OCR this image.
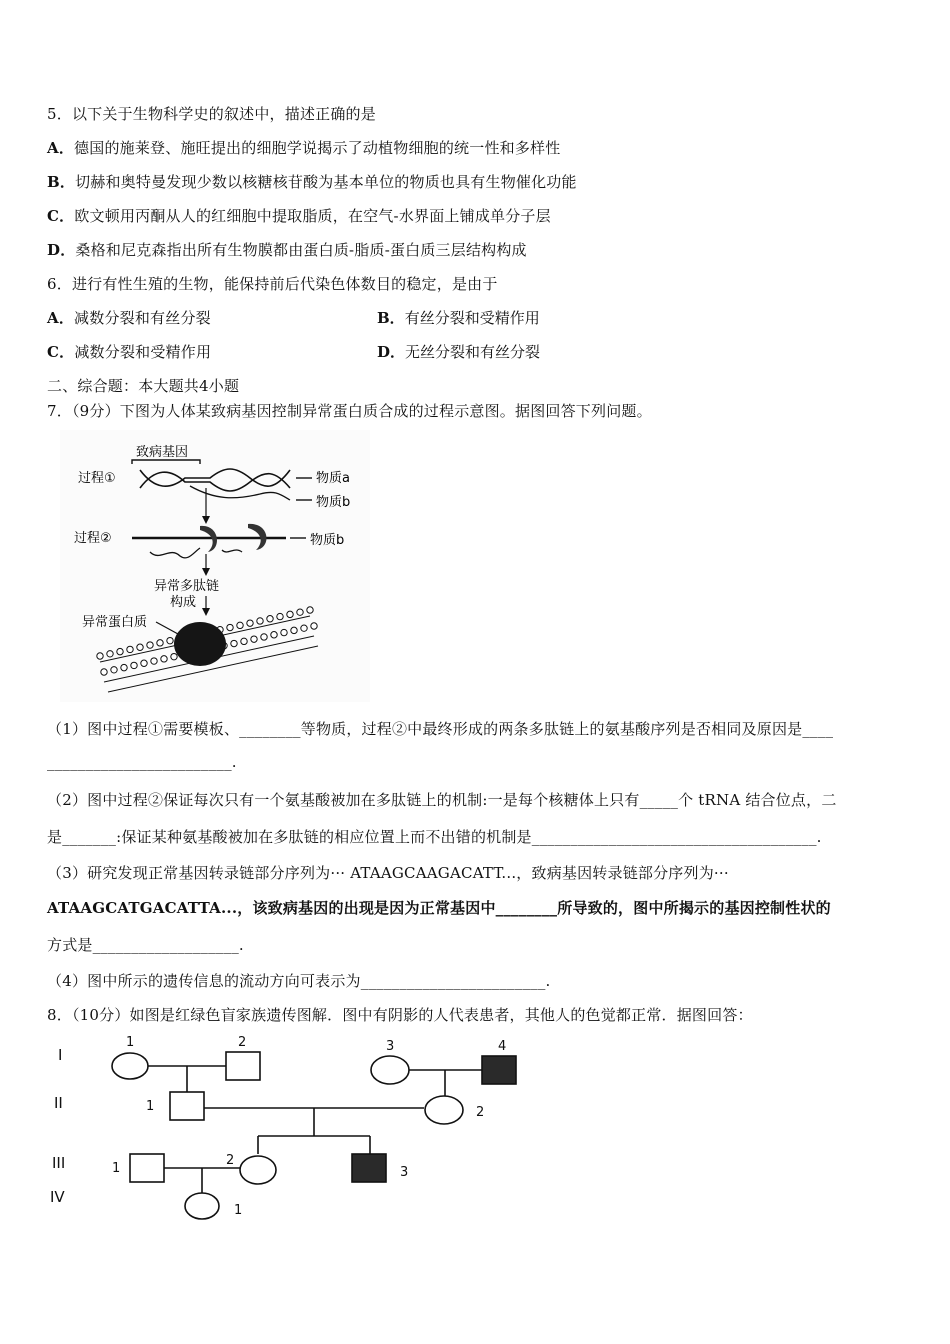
5．以下关于生物科学史的叙述中，描述正确的是
A．德国的施莱登、施旺提出的细胞学说揭示了动植物细胞的统一性和多样性
B．切赫和奥特曼发现少数以核糖核苷酸为基本单位的物质也具有生物催化功能
C．欧文顿用丙酮从人的红细胞中提取脂质，在空气-水界面上铺成单分子层
D．桑格和尼克森指出所有生物膜都由蛋白质-脂质-蛋白质三层结构构成
6．进行有性生殖的生物，能保持前后代染色体数目的稳定，是由于
A．减数分裂和有丝分裂	B．有丝分裂和受精作用
C．减数分裂和受精作用	D．无丝分裂和有丝分裂
二、综合题：本大题共4小题
7．（9分）下图为人体某致病基因控制异常蛋白质合成的过程示意图。据图回答下列问题。
致病基因
过程①	物质a
物质b
过程②	物质b
异常多肽链
构成
异常蛋白质
（1）图中过程①需要模板、________等物质，过程②中最终形成的两条多肽链上的氨基酸序列是否相同及原因是____
________________________.
（2）图中过程②保证每次只有一个氨基酸被加在多肽链上的机制:一是每个核糖体上只有_____个 tRNA 结合位点，二
是_______:保证某种氨基酸被加在多肽链的相应位置上而不出错的机制是_____________________________________.
（3）研究发现正常基因转录链部分序列为··· ATAAGCAAGACATT...，致病基因转录链部分序列为···
ATAAGCATGACATTA...，该致病基因的出现是因为正常基因中________所导致的，图中所揭示的基因控制性状的
方式是___________________.
（4）图中所示的遗传信息的流动方向可表示为________________________.
8．（10分）如图是红绿色盲家族遗传图解．图中有阴影的人代表患者，其他人的色觉都正常．据图回答：
I
II
III
IV
1	2	3	4
1	2
1
2
3
1
